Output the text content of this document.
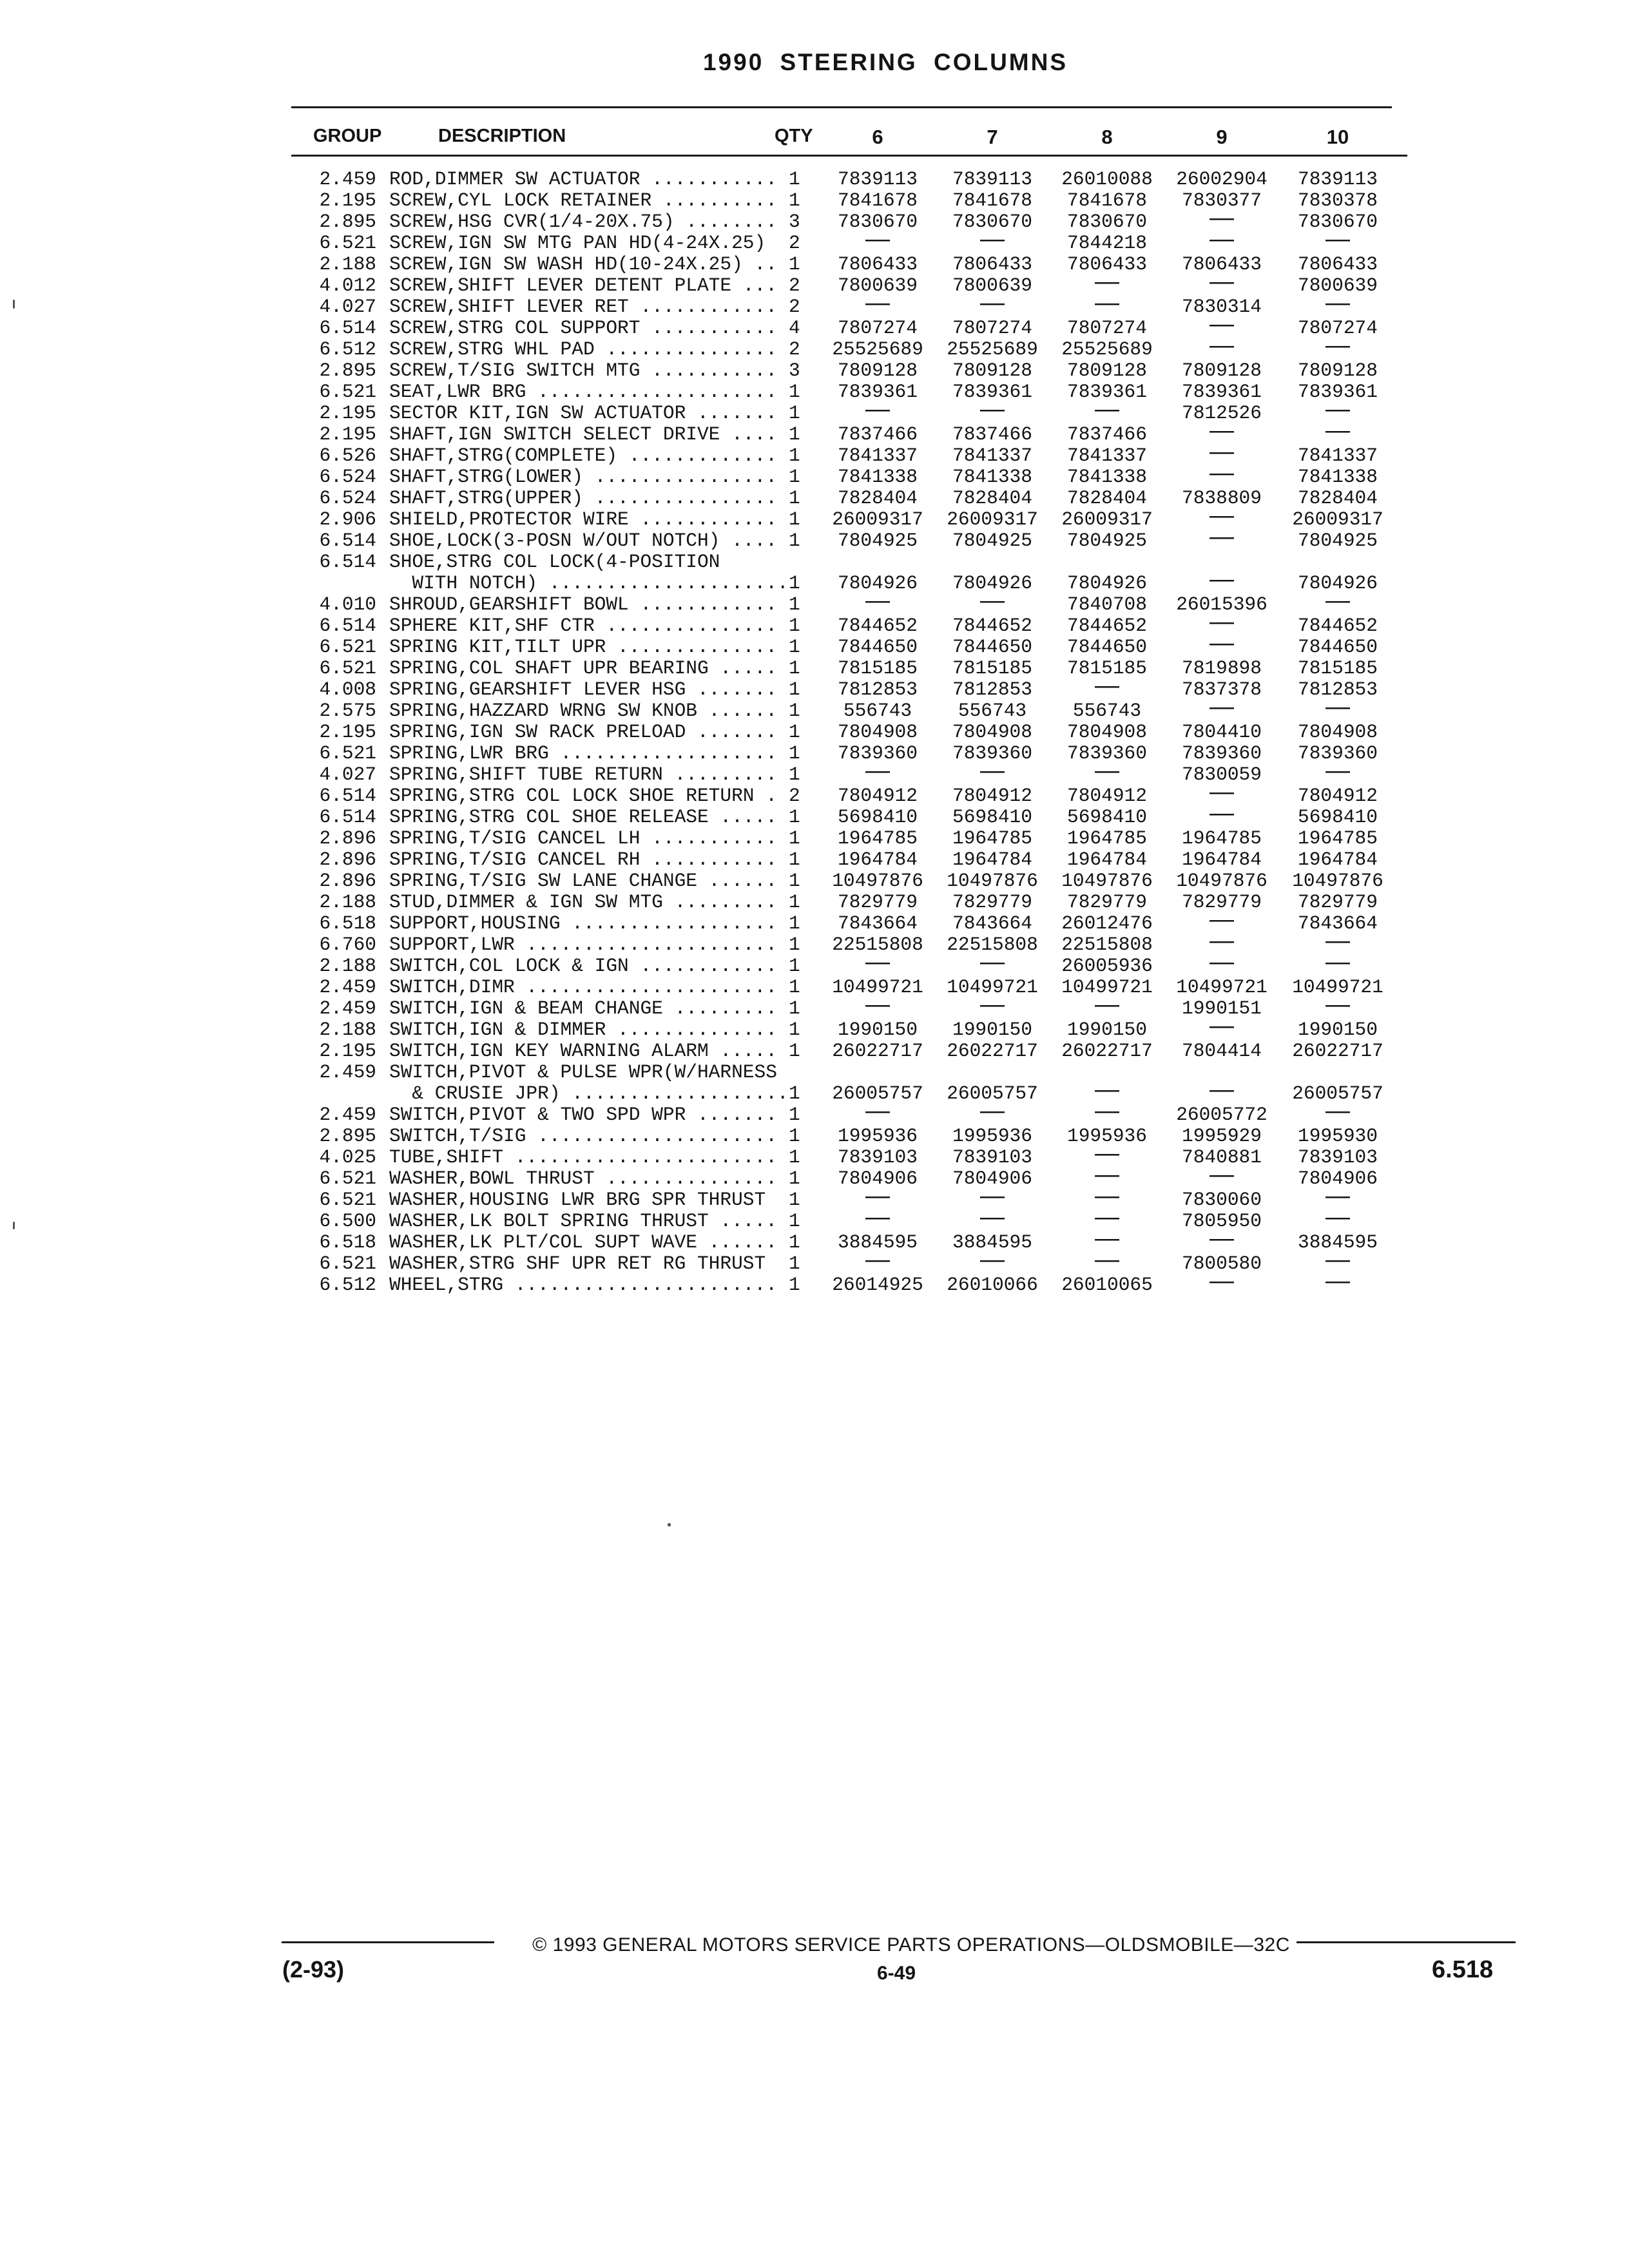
1990 STEERING COLUMNS
GROUP	DESCRIPTION	QTY	6	7	8	9	10
2.459 ROD,DIMMER SW ACTUATOR ........... 1	7839113	7839113	26010088	26002904	7839113
2.195 SCREW,CYL LOCK RETAINER .......... 1	7841678	7841678	7841678	7830377	7830378
2.895 SCREW,HSG CVR(1/4-20X.75) ........ 3	7830670	7830670	7830670	—	7830670
6.521 SCREW,IGN SW MTG PAN HD(4-24X.25)	2	—	—	7844218	—	—
2.188 SCREW,IGN SW WASH HD(10-24X.25) .. 1	7806433	7806433	7806433	7806433	7806433
4.012 SCREW,SHIFT LEVER DETENT PLATE ... 2	7800639	7800639	—	—	7800639
4.027 SCREW,SHIFT LEVER RET ............ 2	—	—	—	7830314	—
6.514 SCREW,STRG COL SUPPORT ........... 4	7807274	7807274	7807274	—	7807274
6.512 SCREW,STRG WHL PAD ............... 2	25525689	25525689	25525689	—	—
2.895 SCREW,T/SIG SWITCH MTG ........... 3	7809128	7809128	7809128	7809128	7809128
6.521 SEAT,LWR BRG ..................... 1	7839361	7839361	7839361	7839361	7839361
2.195 SECTOR KIT,IGN SW ACTUATOR ....... 1	—	—	—	7812526	—
2.195 SHAFT,IGN SWITCH SELECT DRIVE .... 1	7837466	7837466	7837466	—	—
6.526 SHAFT,STRG(COMPLETE) ............. 1	7841337	7841337	7841337	—	7841337
6.524 SHAFT,STRG(LOWER) ................ 1	7841338	7841338	7841338	—	7841338
6.524 SHAFT,STRG(UPPER) ................ 1	7828404	7828404	7828404	7838809	7828404
2.906 SHIELD,PROTECTOR WIRE ............ 1	26009317	26009317	26009317	—	26009317
6.514 SHOE,LOCK(3-POSN W/OUT NOTCH) .... 1	7804925	7804925	7804925	—	7804925
6.514 SHOE,STRG COL LOCK(4-POSITION
WITH NOTCH) ..................... 1	7804926	7804926	7804926	—	7804926
4.010 SHROUD,GEARSHIFT BOWL ............ 1	—	—	7840708	26015396	—
6.514 SPHERE KIT,SHF CTR ............... 1	7844652	7844652	7844652	—	7844652
6.521 SPRING KIT,TILT UPR .............. 1	7844650	7844650	7844650	—	7844650
6.521 SPRING,COL SHAFT UPR BEARING ..... 1	7815185	7815185	7815185	7819898	7815185
4.008 SPRING,GEARSHIFT LEVER HSG ....... 1	7812853	7812853	—	7837378	7812853
2.575 SPRING,HAZZARD WRNG SW KNOB ...... 1	556743	556743	556743	—	—
2.195 SPRING,IGN SW RACK PRELOAD ....... 1	7804908	7804908	7804908	7804410	7804908
6.521 SPRING,LWR BRG ................... 1	7839360	7839360	7839360	7839360	7839360
4.027 SPRING,SHIFT TUBE RETURN ......... 1	—	—	—	7830059	—
6.514 SPRING,STRG COL LOCK SHOE RETURN . 2	7804912	7804912	7804912	—	7804912
6.514 SPRING,STRG COL SHOE RELEASE ..... 1	5698410	5698410	5698410	—	5698410
2.896 SPRING,T/SIG CANCEL LH ........... 1	1964785	1964785	1964785	1964785	1964785
2.896 SPRING,T/SIG CANCEL RH ........... 1	1964784	1964784	1964784	1964784	1964784
2.896 SPRING,T/SIG SW LANE CHANGE ...... 1	10497876	10497876	10497876	10497876	10497876
2.188 STUD,DIMMER & IGN SW MTG ......... 1	7829779	7829779	7829779	7829779	7829779
6.518 SUPPORT,HOUSING .................. 1	7843664	7843664	26012476	—	7843664
6.760 SUPPORT,LWR ...................... 1	22515808	22515808	22515808	—	—
2.188 SWITCH,COL LOCK & IGN ............ 1	—	—	26005936	—	—
2.459 SWITCH,DIMR ...................... 1	10499721	10499721	10499721	10499721	10499721
2.459 SWITCH,IGN & BEAM CHANGE ......... 1	—	—	—	1990151	—
2.188 SWITCH,IGN & DIMMER .............. 1	1990150	1990150	1990150	—	1990150
2.195 SWITCH,IGN KEY WARNING ALARM ..... 1	26022717	26022717	26022717	7804414	26022717
2.459 SWITCH,PIVOT & PULSE WPR(W/HARNESS
& CRUSIE JPR) ................... 1	26005757	26005757	—	—	26005757
2.459 SWITCH,PIVOT & TWO SPD WPR ....... 1	—	—	—	26005772	—
2.895 SWITCH,T/SIG ..................... 1	1995936	1995936	1995936	1995929	1995930
4.025 TUBE,SHIFT ....................... 1	7839103	7839103	—	7840881	7839103
6.521 WASHER,BOWL THRUST ............... 1	7804906	7804906	—	—	7804906
6.521 WASHER,HOUSING LWR BRG SPR THRUST	1	—	—	—	7830060	—
6.500 WASHER,LK BOLT SPRING THRUST ..... 1	—	—	—	7805950	—
6.518 WASHER,LK PLT/COL SUPT WAVE ...... 1	3884595	3884595	—	—	3884595
6.521 WASHER,STRG SHF UPR RET RG THRUST	1	—	—	—	7800580	—
6.512 WHEEL,STRG ....................... 1	26014925	26010066	26010065	—	—
© 1993 GENERAL MOTORS SERVICE PARTS OPERATIONS—OLDSMOBILE—32C
(2-93)	6-49	6.518
